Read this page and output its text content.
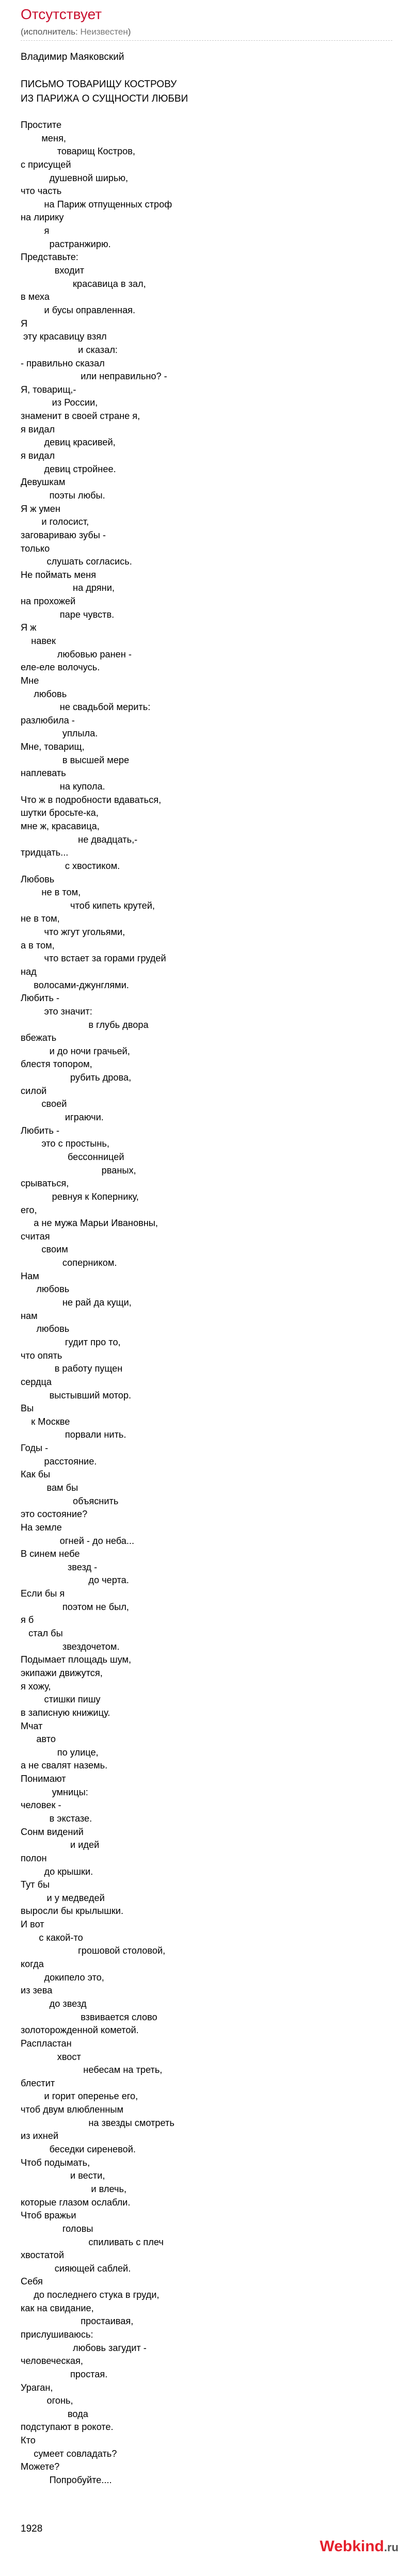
Отсутствует
(исполнитель: Неизвестен)
Владимир Маяковский
ПИСЬМО ТОВАРИЩУ КОСТРОВУ
ИЗ ПАРИЖА О СУЩНОСТИ ЛЮБВИ
Простите
меня,
товарищ Костров,
с присущей
душевной ширью,
что часть
на Париж отпущенных строф
на лирику
я
растранжирю.
Представьте:
входит
красавица в зал,
в меха
и бусы оправленная.
Я
эту красавицу взял
и сказал:
- правильно сказал
или неправильно? -
Я, товарищ,-
из России,
знаменит в своей стране я,
я видал
девиц красивей,
я видал
девиц стройнее.
Девушкам
поэты любы.
Я ж умен
и голосист,
заговариваю зубы -
только
слушать согласись.
Не поймать меня
на дряни,
на прохожей
паре чувств.
Я ж
навек
любовью ранен -
еле-еле волочусь.
Мне
любовь
не свадьбой мерить:
разлюбила -
уплыла.
Мне, товарищ,
в высшей мере
наплевать
на купола.
Что ж в подробности вдаваться,
шутки бросьте-ка,
мне ж, красавица,
не двадцать,-
тридцать...
с хвостиком.
Любовь
не в том,
чтоб кипеть крутей,
не в том,
что жгут угольями,
а в том,
что встает за горами грудей
над
волосами-джунглями.
Любить -
это значит:
в глубь двора
вбежать
и до ночи грачьей,
блестя топором,
рубить дрова,
силой
своей
играючи.
Любить -
это с простынь,
бессонницей
рваных,
срываться,
ревнуя к Копернику,
его,
а не мужа Марьи Ивановны,
считая
своим
соперником.
Нам
любовь
не рай да кущи,
нам
любовь
гудит про то,
что опять
в работу пущен
сердца
выстывший мотор.
Вы
к Москве
порвали нить.
Годы -
расстояние.
Как бы
вам бы
объяснить
это состояние?
На земле
огней - до неба...
В синем небе
звезд -
до черта.
Если бы я
поэтом не был,
я б
стал бы
звездочетом.
Подымает площадь шум,
экипажи движутся,
я хожу,
стишки пишу
в записную книжицу.
Мчат
авто
по улице,
а не свалят наземь.
Понимают
умницы:
человек -
в экстазе.
Сонм видений
и идей
полон
до крышки.
Тут бы
и у медведей
выросли бы крылышки.
И вот
с какой-то
грошовой столовой,
когда
докипело это,
из зева
до звезд
взвивается слово
золоторожденной кометой.
Распластан
хвост
небесам на треть,
блестит
и горит оперенье его,
чтоб двум влюбленным
на звезды смотреть
из ихней
беседки сиреневой.
Чтоб подымать,
и вести,
и влечь,
которые глазом ослабли.
Чтоб вражьи
головы
спиливать с плеч
хвостатой
сияющей саблей.
Себя
до последнего стука в груди,
как на свидание,
простаивая,
прислушиваюсь:
любовь загудит -
человеческая,
простая.
Ураган,
огонь,
вода
подступают в рокоте.
Кто
сумеет совладать?
Можете?
Попробуйте....
1928
Webkind.ru
